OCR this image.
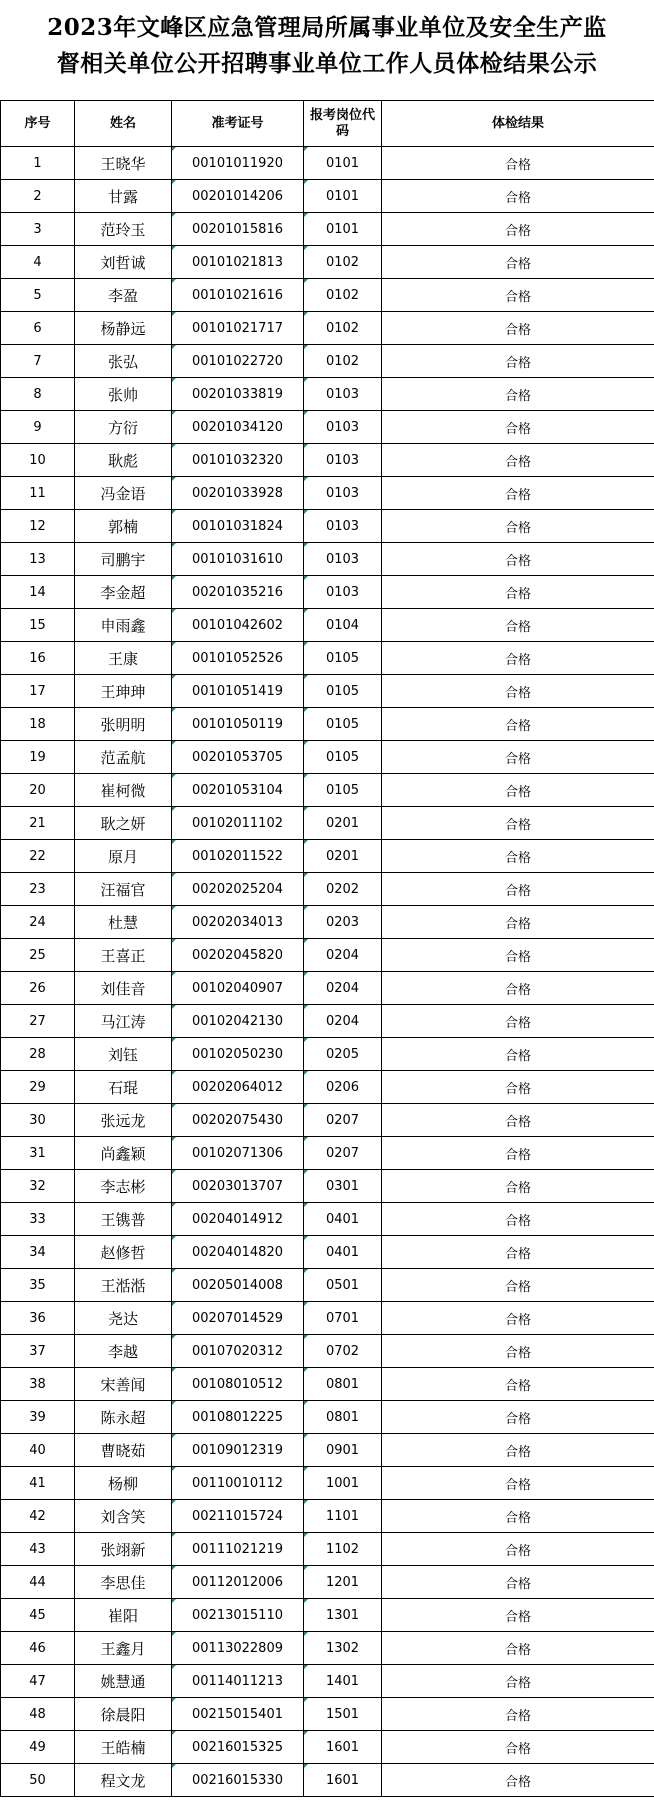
2023年文峰区应急管理局所属事业单位及安全生产监
督相关单位公开招聘事业单位工作人员体检结果公示
序号	姓名	准考证号	报考岗位代码	体检结果
1	王晓华	00101011920	0101	合格
2	甘露	00201014206	0101	合格
3	范玲玉	00201015816	0101	合格
4	刘哲诚	00101021813	0102	合格
5	李盈	00101021616	0102	合格
6	杨静远	00101021717	0102	合格
7	张弘	00101022720	0102	合格
8	张帅	00201033819	0103	合格
9	方衍	00201034120	0103	合格
10	耿彪	00101032320	0103	合格
11	冯金语	00201033928	0103	合格
12	郭楠	00101031824	0103	合格
13	司鹏宇	00101031610	0103	合格
14	李金超	00201035216	0103	合格
15	申雨鑫	00101042602	0104	合格
16	王康	00101052526	0105	合格
17	王珅珅	00101051419	0105	合格
18	张明明	00101050119	0105	合格
19	范孟航	00201053705	0105	合格
20	崔柯微	00201053104	0105	合格
21	耿之妍	00102011102	0201	合格
22	原月	00102011522	0201	合格
23	汪福官	00202025204	0202	合格
24	杜慧	00202034013	0203	合格
25	王喜正	00202045820	0204	合格
26	刘佳音	00102040907	0204	合格
27	马江涛	00102042130	0204	合格
28	刘钰	00102050230	0205	合格
29	石琨	00202064012	0206	合格
30	张远龙	00202075430	0207	合格
31	尚鑫颖	00102071306	0207	合格
32	李志彬	00203013707	0301	合格
33	王镌普	00204014912	0401	合格
34	赵修哲	00204014820	0401	合格
35	王湉湉	00205014008	0501	合格
36	尧达	00207014529	0701	合格
37	李越	00107020312	0702	合格
38	宋善闻	00108010512	0801	合格
39	陈永超	00108012225	0801	合格
40	曹晓茹	00109012319	0901	合格
41	杨柳	00110010112	1001	合格
42	刘含笑	00211015724	1101	合格
43	张翊新	00111021219	1102	合格
44	李思佳	00112012006	1201	合格
45	崔阳	00213015110	1301	合格
46	王鑫月	00113022809	1302	合格
47	姚慧通	00114011213	1401	合格
48	徐晨阳	00215015401	1501	合格
49	王皓楠	00216015325	1601	合格
50	程文龙	00216015330	1601	合格
